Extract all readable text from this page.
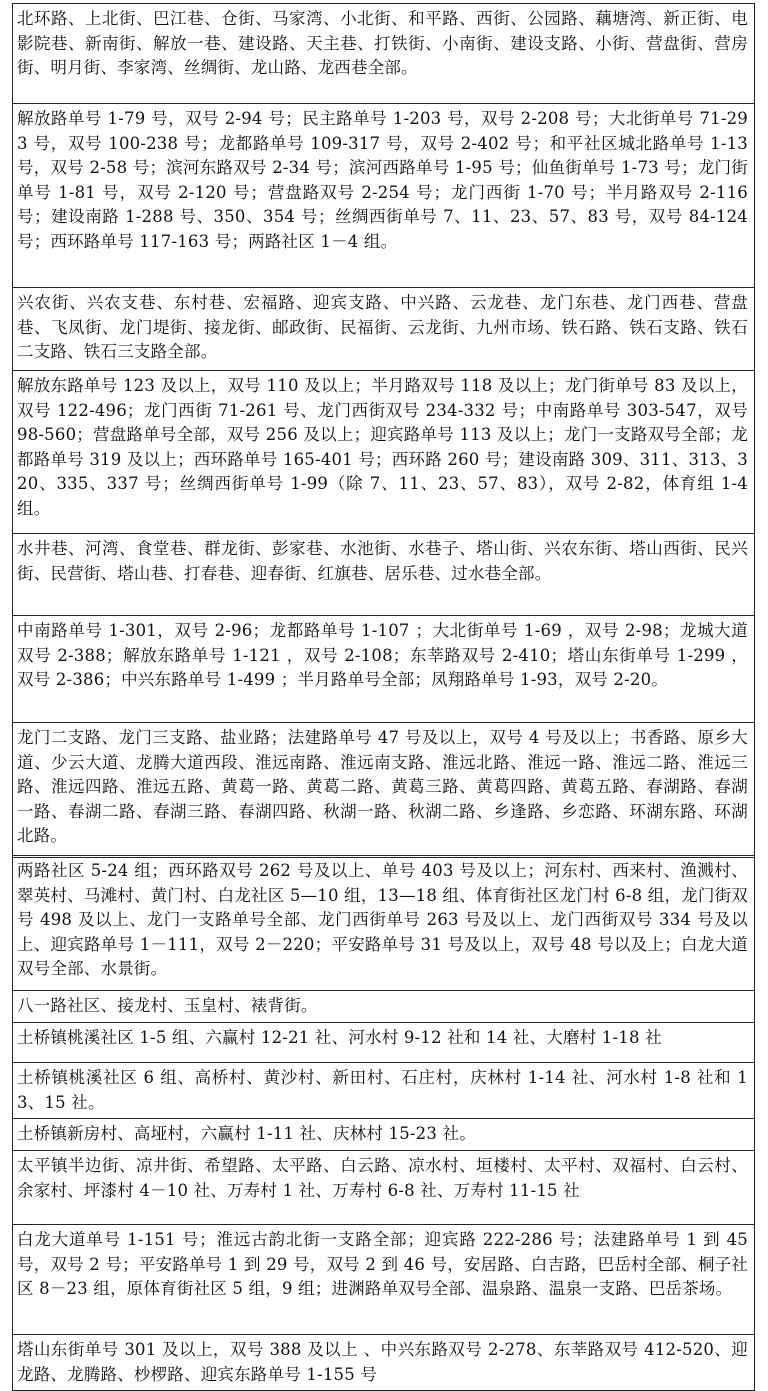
北环路、上北街、巴江巷、仓街、马家湾、小北街、和平路、西街、公园路、藕塘湾、新正街、电影院巷、新南街、解放一巷、建设路、天主巷、打铁街、小南街、建设支路、小街、营盘街、营房街、明月街、李家湾、丝绸街、龙山路、龙西巷全部。
解放路单号 1-79 号，双号 2-94 号；民主路单号 1-203 号，双号 2-208 号；大北街单号 71-293 号，双号 100-238 号；龙都路单号 109-317 号，双号 2-402 号；和平社区城北路单号 1-13 号，双号 2-58 号；滨河东路双号 2-34 号；滨河西路单号 1-95 号；仙鱼街单号 1-73 号；龙门街单号 1-81 号，双号 2-120 号；营盘路双号 2-254 号；龙门西街 1-70 号；半月路双号 2-116 号；建设南路 1-288 号、350、354 号；丝绸西街单号 7、11、23、57、83 号，双号 84-124 号；西环路单号 117-163 号；两路社区 1－4 组。
兴农街、兴农支巷、东村巷、宏福路、迎宾支路、中兴路、云龙巷、龙门东巷、龙门西巷、营盘巷、飞凤街、龙门堤街、接龙街、邮政街、民福街、云龙街、九州市场、铁石路、铁石支路、铁石二支路、铁石三支路全部。
解放东路单号 123 及以上，双号 110 及以上；半月路双号 118 及以上；龙门街单号 83 及以上，双号 122-496；龙门西街 71-261 号、龙门西街双号 234-332 号；中南路单号 303-547，双号 98-560；营盘路单号全部，双号 256 及以上；迎宾路单号 113 及以上；龙门一支路双号全部；龙都路单号 319 及以上；西环路单号 165-401 号；西环路 260 号；建设南路 309、311、313、320、335、337 号；丝绸西街单号 1-99（除 7、11、23、57、83），双号 2-82，体育组 1-4 组。
水井巷、河湾、食堂巷、群龙街、彭家巷、水池街、水巷子、塔山街、兴农东街、塔山西街、民兴街、民营街、塔山巷、打春巷、迎春街、红旗巷、居乐巷、过水巷全部。
中南路单号 1-301，双号 2-96；龙都路单号 1-107 ；大北街单号 1-69 ，双号 2-98；龙城大道双号 2-388；解放东路单号 1-121 ，双号 2-108；东莘路双号 2-410；塔山东街单号 1-299 ，双号 2-386；中兴东路单号 1-499 ；半月路单号全部；凤翔路单号 1-93，双号 2-20。
龙门二支路、龙门三支路、盐业路；法建路单号 47 号及以上，双号 4 号及以上；书香路、原乡大道、少云大道、龙腾大道西段、淮远南路、淮远南支路、淮远北路、淮远一路、淮远二路、淮远三路、淮远四路、淮远五路、黄葛一路、黄葛二路、黄葛三路、黄葛四路、黄葛五路、春湖路、春湖一路、春湖二路、春湖三路、春湖四路、秋湖一路、秋湖二路、乡逢路、乡恋路、环湖东路、环湖北路。
两路社区 5-24 组；西环路双号 262 号及以上、单号 403 号及以上；河东村、西来村、渔溅村、翠英村、马滩村、黄门村、白龙社区 5—10 组，13—18 组、体育街社区龙门村 6-8 组，龙门街双号 498 及以上、龙门一支路单号全部、龙门西街单号 263 号及以上、龙门西街双号 334 号及以上、迎宾路单号 1－111，双号 2－220；平安路单号 31 号及以上，双号 48 号以及上；白龙大道双号全部、水景街。
八一路社区、接龙村、玉皇村、裱背街。
土桥镇桃溪社区 1-5 组、六赢村 12-21 社、河水村 9-12 社和 14 社、大磨村 1-18 社
土桥镇桃溪社区 6 组、高桥村、黄沙村、新田村、石庄村，庆林村 1-14 社、河水村 1-8 社和 13、15 社。
土桥镇新房村、高垭村，六赢村 1-11 社、庆林村 15-23 社。
太平镇半边街、凉井街、希望路、太平路、白云路、凉水村、垣楼村、太平村、双福村、白云村、余家村、坪漆村 4－10 社、万寿村 1 社、万寿村 6-8 社、万寿村 11-15 社
白龙大道单号 1-151 号；淮远古韵北街一支路全部；迎宾路 222-286 号；法建路单号 1 到 45 号，双号 2 号；平安路单号 1 到 29 号，双号 2 到 46 号，安居路、白吉路，巴岳村全部、桐子社区 8－23 组，原体育街社区 5 组，9 组；进渊路单双号全部、温泉路、温泉一支路、巴岳茶场。
塔山东街单号 301 及以上，双号 388 及以上 、中兴东路双号 2-278、东莘路双号 412-520、迎龙路、龙腾路、杪椤路、迎宾东路单号 1-155 号
